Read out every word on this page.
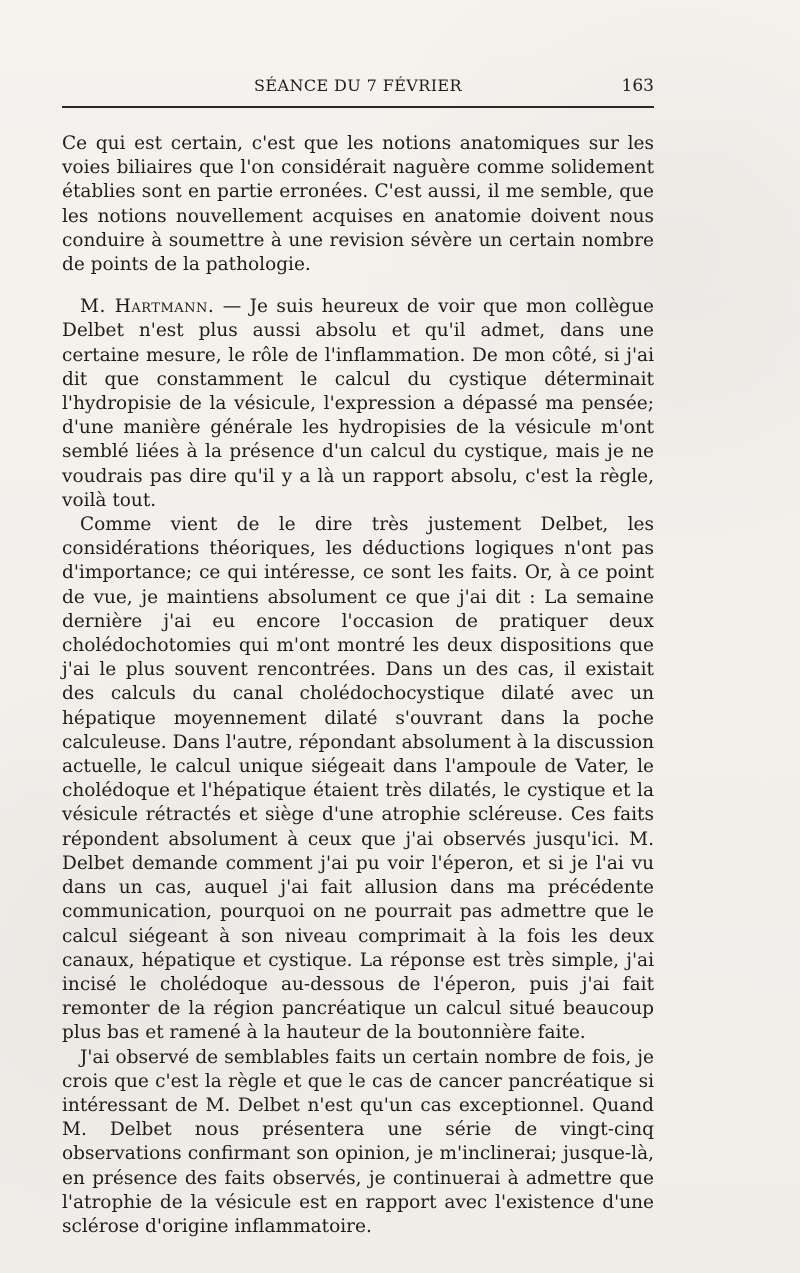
SÉANCE DU 7 FÉVRIER	163

Ce qui est certain, c'est que les notions anatomiques sur les voies biliaires que l'on considérait naguère comme solidement établies sont en partie erronées. C'est aussi, il me semble, que les notions nouvellement acquises en anatomie doivent nous conduire à soumettre à une revision sévère un certain nombre de points de la pathologie.

M. Hartmann. — Je suis heureux de voir que mon collègue Delbet n'est plus aussi absolu et qu'il admet, dans une certaine mesure, le rôle de l'inflammation. De mon côté, si j'ai dit que constamment le calcul du cystique déterminait l'hydropisie de la vésicule, l'expression a dépassé ma pensée; d'une manière générale les hydropisies de la vésicule m'ont semblé liées à la présence d'un calcul du cystique, mais je ne voudrais pas dire qu'il y a là un rapport absolu, c'est la règle, voilà tout.

Comme vient de le dire très justement Delbet, les considérations théoriques, les déductions logiques n'ont pas d'importance; ce qui intéresse, ce sont les faits. Or, à ce point de vue, je maintiens absolument ce que j'ai dit : La semaine dernière j'ai eu encore l'occasion de pratiquer deux cholédochotomies qui m'ont montré les deux dispositions que j'ai le plus souvent rencontrées. Dans un des cas, il existait des calculs du canal cholédochocystique dilaté avec un hépatique moyennement dilaté s'ouvrant dans la poche calculeuse. Dans l'autre, répondant absolument à la discussion actuelle, le calcul unique siégeait dans l'ampoule de Vater, le cholédoque et l'hépatique étaient très dilatés, le cystique et la vésicule rétractés et siège d'une atrophie scléreuse. Ces faits répondent absolument à ceux que j'ai observés jusqu'ici. M. Delbet demande comment j'ai pu voir l'éperon, et si je l'ai vu dans un cas, auquel j'ai fait allusion dans ma précédente communication, pourquoi on ne pourrait pas admettre que le calcul siégeant à son niveau comprimait à la fois les deux canaux, hépatique et cystique. La réponse est très simple, j'ai incisé le cholédoque au-dessous de l'éperon, puis j'ai fait remonter de la région pancréatique un calcul situé beaucoup plus bas et ramené à la hauteur de la boutonnière faite.

J'ai observé de semblables faits un certain nombre de fois, je crois que c'est la règle et que le cas de cancer pancréatique si intéressant de M. Delbet n'est qu'un cas exceptionnel. Quand M. Delbet nous présentera une série de vingt-cinq observations confirmant son opinion, je m'inclinerai; jusque-là, en présence des faits observés, je continuerai à admettre que l'atrophie de la vésicule est en rapport avec l'existence d'une sclérose d'origine inflammatoire.
